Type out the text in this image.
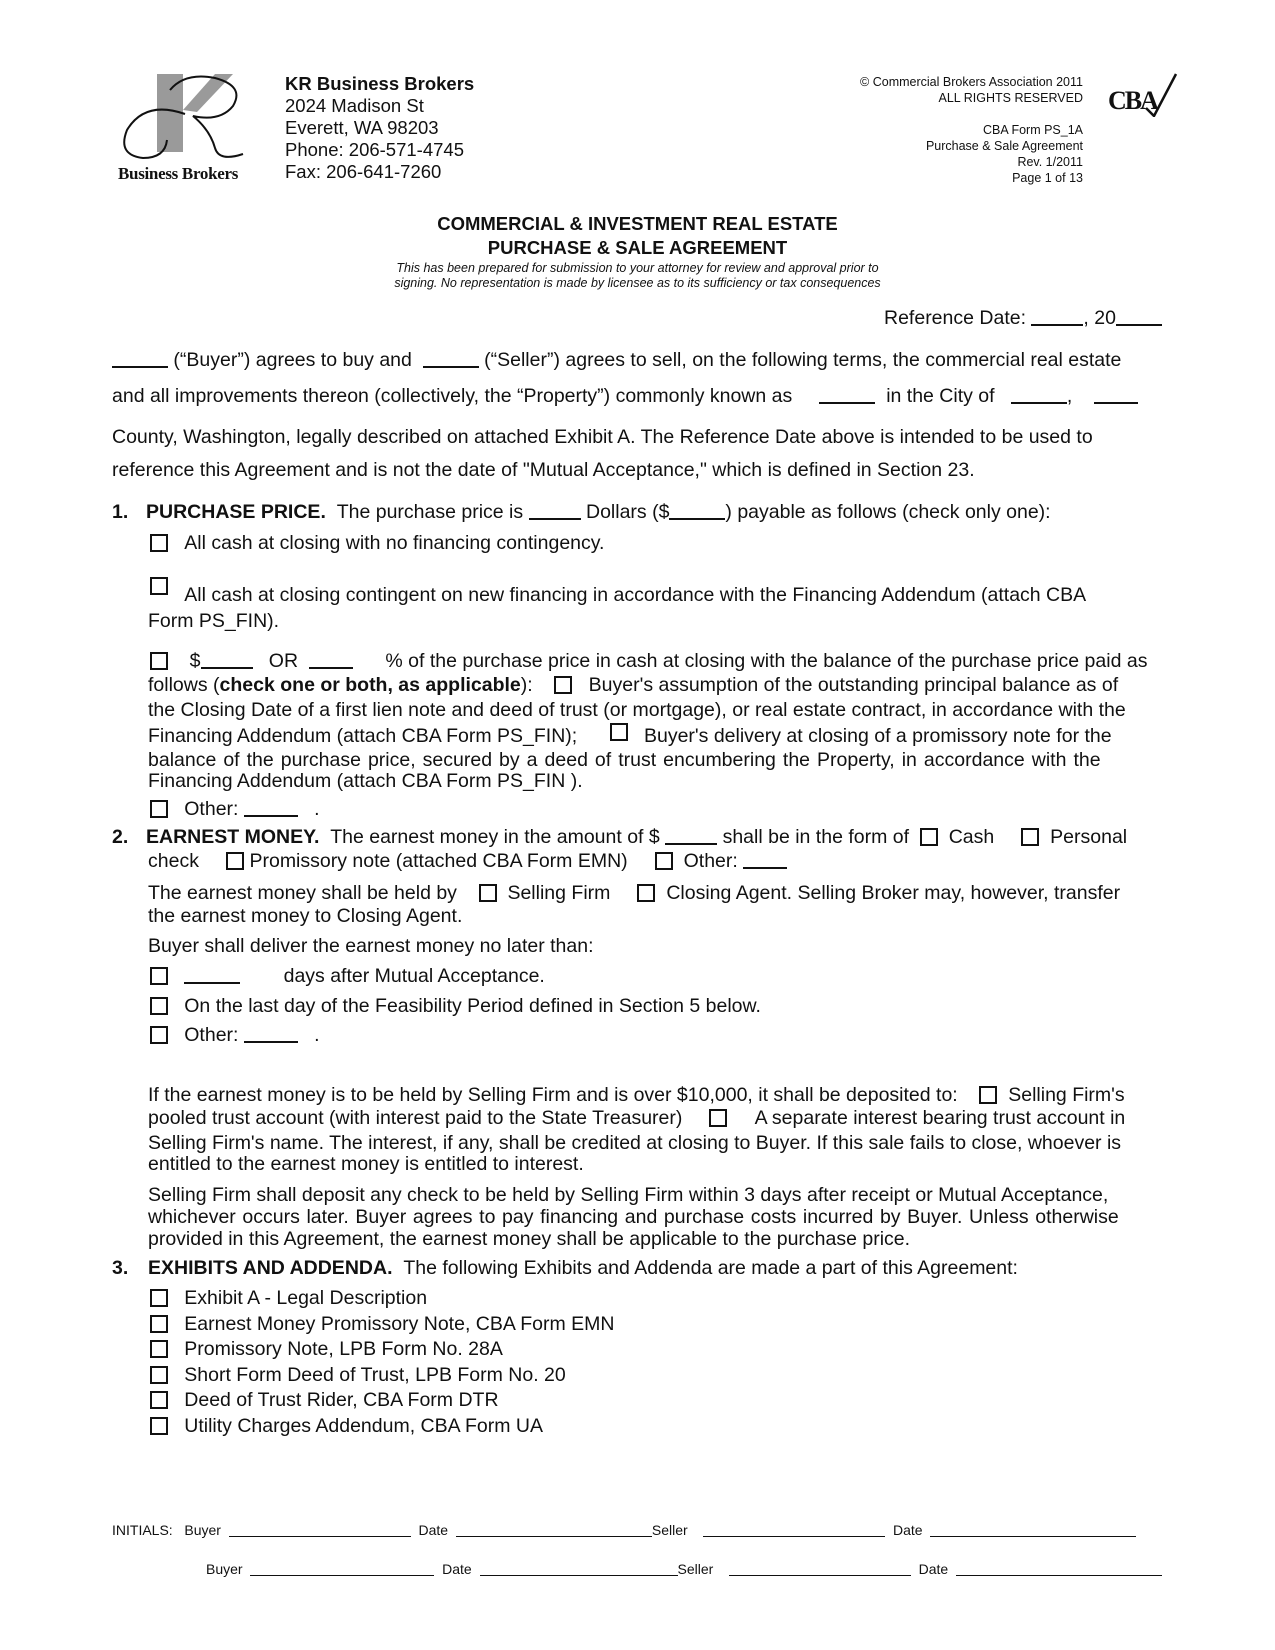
Business Brokers
KR Business Brokers
2024 Madison St
Everett, WA 98203
Phone: 206-571-4745
Fax: 206-641-7260
© Commercial Brokers Association 2011
ALL RIGHTS RESERVED
CBA Form PS_1A
Purchase & Sale Agreement
Rev. 1/2011
Page 1 of 13
CBA
COMMERCIAL & INVESTMENT REAL ESTATE
PURCHASE & SALE AGREEMENT
This has been prepared for submission to your attorney for review and approval prior to
signing. No representation is made by licensee as to its sufficiency or tax consequences
Reference Date:	, 20
(“Buyer”) agrees to buy and	(“Seller”) agrees to sell, on the following terms, the commercial real estate
and all improvements thereon (collectively, the “Property”) commonly known as	in the City of	,
County, Washington, legally described on attached Exhibit A. The Reference Date above is intended to be used to
reference this Agreement and is not the date of "Mutual Acceptance," which is defined in Section 23.
1. PURCHASE PRICE. The purchase price is	Dollars ($	) payable as follows (check only one):
All cash at closing with no financing contingency.
All cash at closing contingent on new financing in accordance with the Financing Addendum (attach CBA
Form PS_FIN).
$	OR	% of the purchase price in cash at closing with the balance of the purchase price paid as
follows (check one or both, as applicable):	Buyer's assumption of the outstanding principal balance as of
the Closing Date of a first lien note and deed of trust (or mortgage), or real estate contract, in accordance with the
Financing Addendum (attach CBA Form PS_FIN);	Buyer's delivery at closing of a promissory note for the
balance of the purchase price, secured by a deed of trust encumbering the Property, in accordance with the
Financing Addendum (attach CBA Form PS_FIN ).
Other:	.
2. EARNEST MONEY. The earnest money in the amount of $	shall be in the form of Cash	Personal
check	Promissory note (attached CBA Form EMN)	Other:
The earnest money shall be held by	Selling Firm	Closing Agent. Selling Broker may, however, transfer
the earnest money to Closing Agent.
Buyer shall deliver the earnest money no later than:
days after Mutual Acceptance.
On the last day of the Feasibility Period defined in Section 5 below.
Other:	.
If the earnest money is to be held by Selling Firm and is over $10,000, it shall be deposited to:	Selling Firm's
pooled trust account (with interest paid to the State Treasurer)	A separate interest bearing trust account in
Selling Firm's name. The interest, if any, shall be credited at closing to Buyer. If this sale fails to close, whoever is
entitled to the earnest money is entitled to interest.
Selling Firm shall deposit any check to be held by Selling Firm within 3 days after receipt or Mutual Acceptance,
whichever occurs later. Buyer agrees to pay financing and purchase costs incurred by Buyer. Unless otherwise
provided in this Agreement, the earnest money shall be applicable to the purchase price.
3. EXHIBITS AND ADDENDA. The following Exhibits and Addenda are made a part of this Agreement:
Exhibit A - Legal Description
Earnest Money Promissory Note, CBA Form EMN
Promissory Note, LPB Form No. 28A
Short Form Deed of Trust, LPB Form No. 20
Deed of Trust Rider, CBA Form DTR
Utility Charges Addendum, CBA Form UA
INITIALS: Buyer	Date	Seller	Date
Buyer	Date	Seller	Date
